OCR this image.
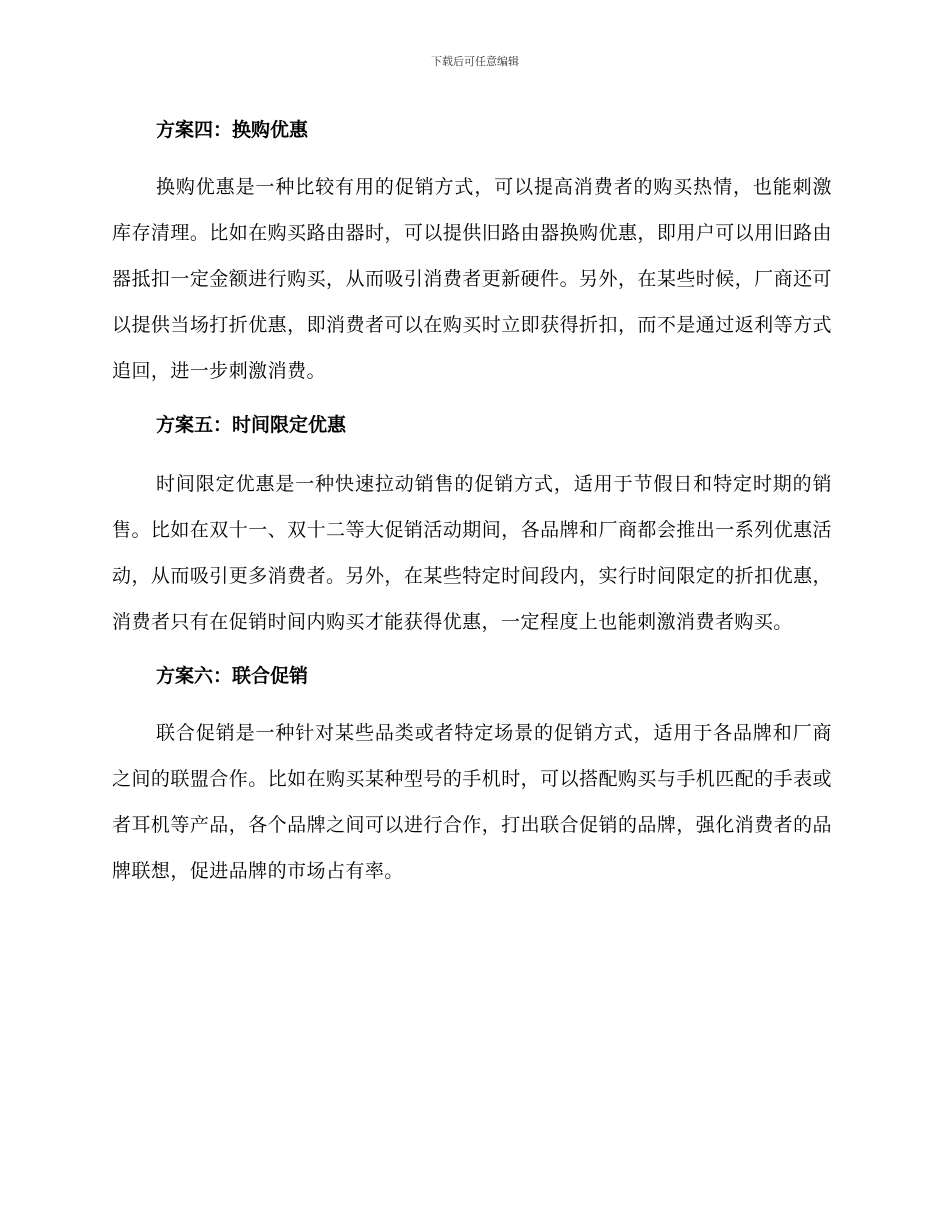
下载后可任意编辑
方案四：换购优惠

换购优惠是一种比较有用的促销方式，可以提高消费者的购买热情，也能刺激库存清理。比如在购买路由器时，可以提供旧路由器换购优惠，即用户可以用旧路由器抵扣一定金额进行购买，从而吸引消费者更新硬件。另外，在某些时候，厂商还可以提供当场打折优惠，即消费者可以在购买时立即获得折扣，而不是通过返利等方式追回，进一步刺激消费。

方案五：时间限定优惠

时间限定优惠是一种快速拉动销售的促销方式，适用于节假日和特定时期的销售。比如在双十一、双十二等大促销活动期间，各品牌和厂商都会推出一系列优惠活动，从而吸引更多消费者。另外，在某些特定时间段内，实行时间限定的折扣优惠，消费者只有在促销时间内购买才能获得优惠，一定程度上也能刺激消费者购买。

方案六：联合促销

联合促销是一种针对某些品类或者特定场景的促销方式，适用于各品牌和厂商之间的联盟合作。比如在购买某种型号的手机时，可以搭配购买与手机匹配的手表或者耳机等产品，各个品牌之间可以进行合作，打出联合促销的品牌，强化消费者的品牌联想，促进品牌的市场占有率。
